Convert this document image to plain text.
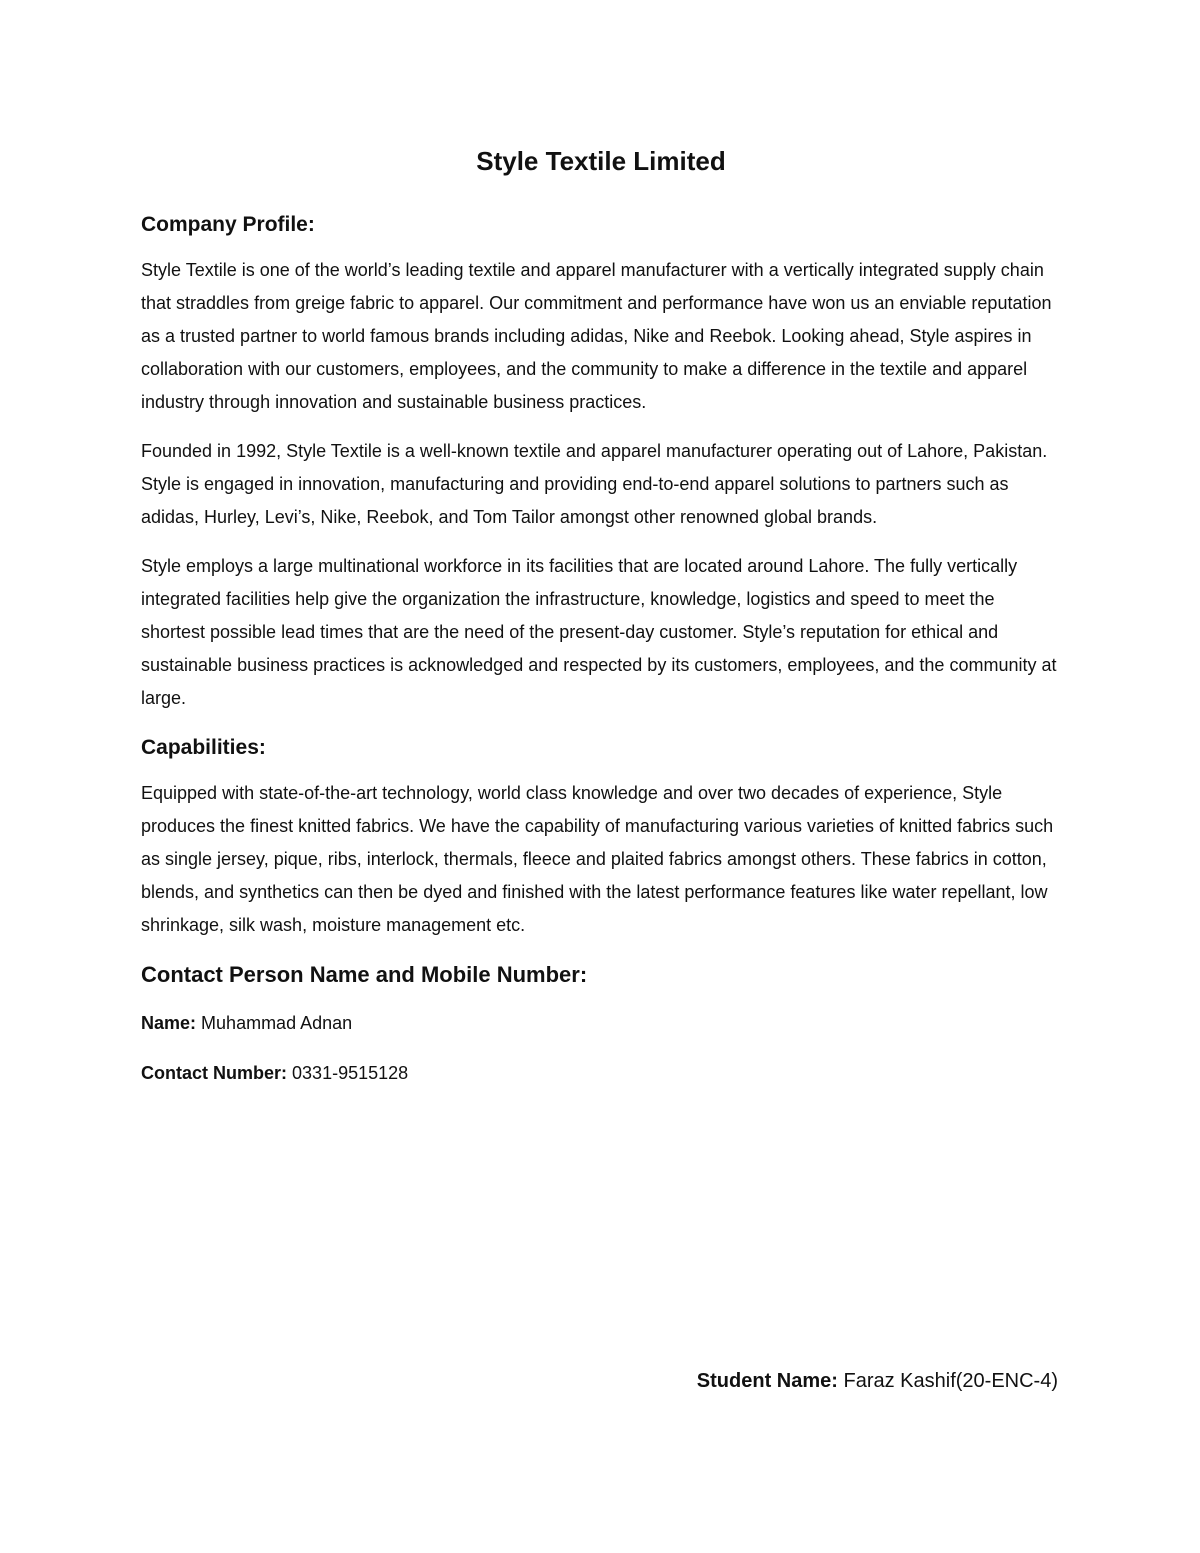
Style Textile Limited
Company Profile:

Style Textile is one of the world’s leading textile and apparel manufacturer with a vertically integrated supply chain that straddles from greige fabric to apparel. Our commitment and performance have won us an enviable reputation as a trusted partner to world famous brands including adidas, Nike and Reebok. Looking ahead, Style aspires in collaboration with our customers, employees, and the community to make a difference in the textile and apparel industry through innovation and sustainable business practices.

Founded in 1992, Style Textile is a well-known textile and apparel manufacturer operating out of Lahore, Pakistan. Style is engaged in innovation, manufacturing and providing end-to-end apparel solutions to partners such as adidas, Hurley, Levi’s, Nike, Reebok, and Tom Tailor amongst other renowned global brands.

Style employs a large multinational workforce in its facilities that are located around Lahore. The fully vertically integrated facilities help give the organization the infrastructure, knowledge, logistics and speed to meet the shortest possible lead times that are the need of the present-day customer. Style’s reputation for ethical and sustainable business practices is acknowledged and respected by its customers, employees, and the community at large.

Capabilities:

Equipped with state-of-the-art technology, world class knowledge and over two decades of experience, Style produces the finest knitted fabrics. We have the capability of manufacturing various varieties of knitted fabrics such as single jersey, pique, ribs, interlock, thermals, fleece and plaited fabrics amongst others. These fabrics in cotton, blends, and synthetics can then be dyed and finished with the latest performance features like water repellant, low shrinkage, silk wash, moisture management etc.

Contact Person Name and Mobile Number:
Name: Muhammad Adnan
Contact Number: 0331-9515128
Student Name: Faraz Kashif(20-ENC-4)
